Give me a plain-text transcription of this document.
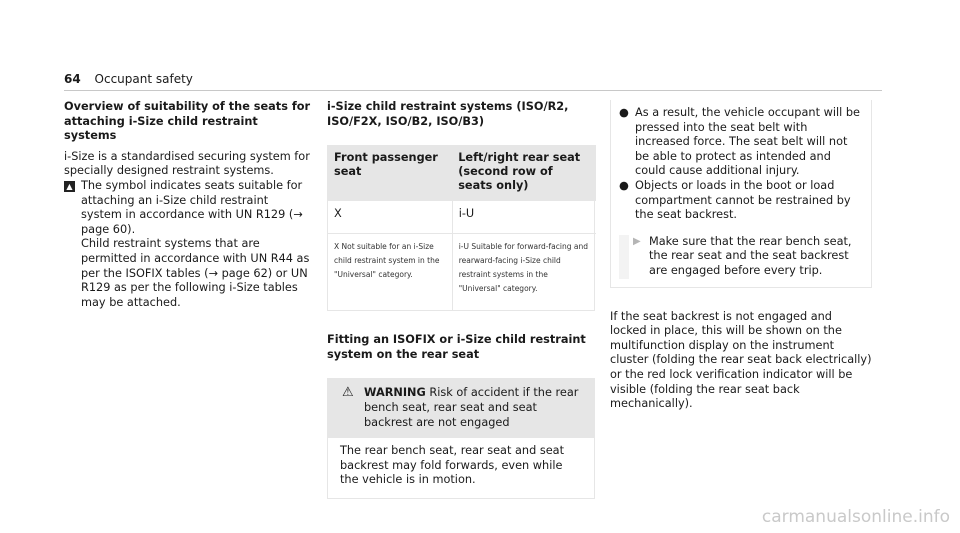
64 Occupant safety

Overview of suitability of the seats for attaching i-Size child restraint systems

i-Size is a standardised securing system for specially designed restraint systems.

▲ The symbol indicates seats suitable for attaching an i-Size child restraint system in accordance with UN R129 (→ page 60).

Child restraint systems that are permitted in accordance with UN R44 as per the ISOFIX tables (→ page 62) or UN R129 as per the following i-Size tables may be attached.

i-Size child restraint systems (ISO/R2, ISO/F2X, ISO/B2, ISO/B3)

Front passenger seat	Left/right rear seat (second row of seats only)
X	i-U
X Not suitable for an i-Size child restraint system in the "Universal" category.	i-U Suitable for forward-facing and rearward-facing i-Size child restraint systems in the "Universal" category.

Fitting an ISOFIX or i-Size child restraint system on the rear seat

⚠ WARNING Risk of accident if the rear bench seat, rear seat and seat backrest are not engaged

The rear bench seat, rear seat and seat backrest may fold forwards, even while the vehicle is in motion.

● As a result, the vehicle occupant will be pressed into the seat belt with increased force. The seat belt will not be able to protect as intended and could cause additional injury.
● Objects or loads in the boot or load compartment cannot be restrained by the seat backrest.
▶ Make sure that the rear bench seat, the rear seat and the seat backrest are engaged before every trip.

If the seat backrest is not engaged and locked in place, this will be shown on the multifunction display on the instrument cluster (folding the rear seat back electrically) or the red lock verification indicator will be visible (folding the rear seat back mechanically).

carmanualsonline.info
